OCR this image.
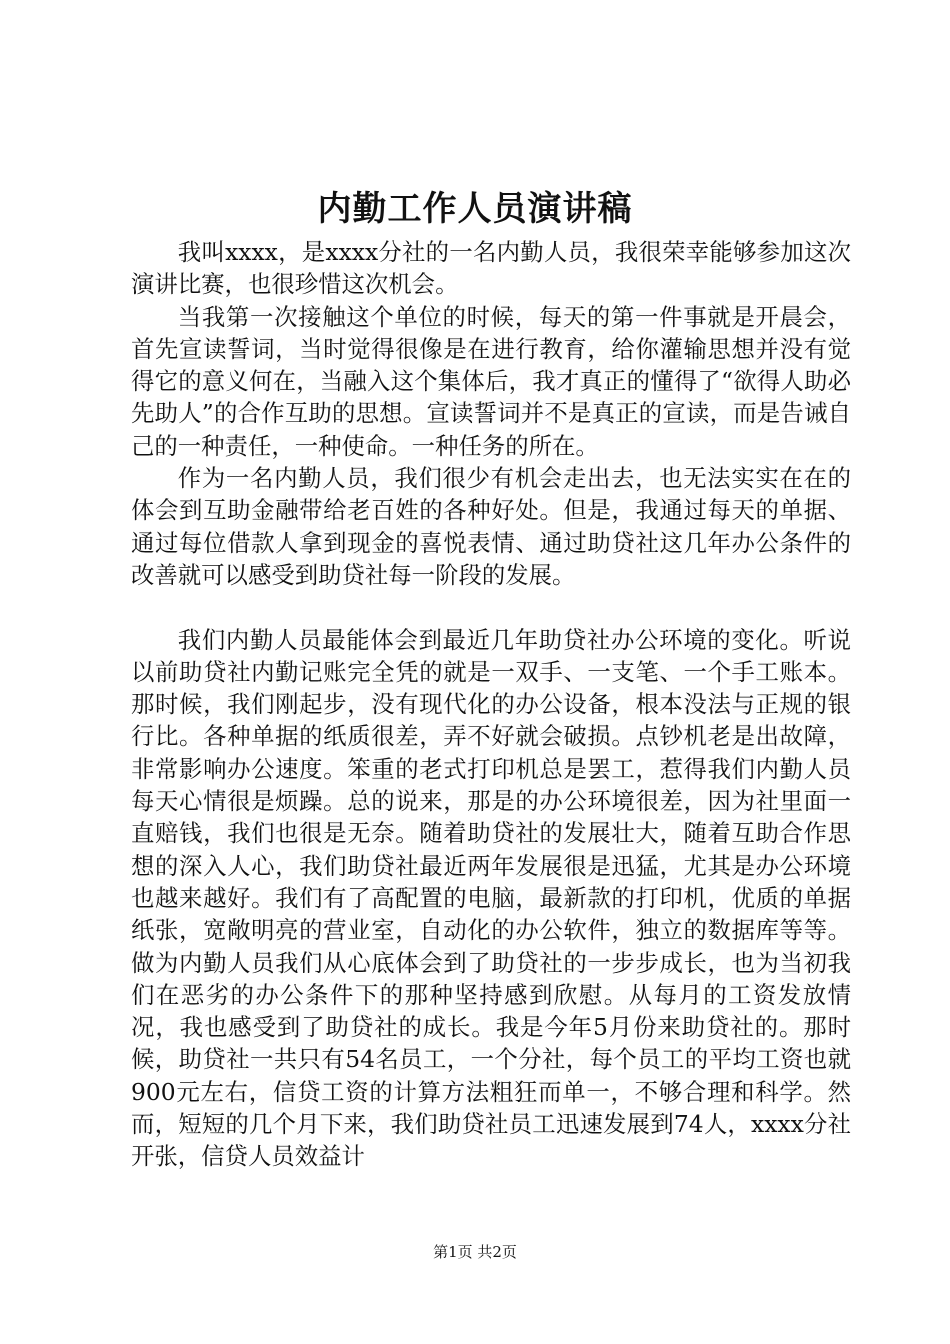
内勤工作人员演讲稿

我叫xxxx，是xxxx分社的一名内勤人员，我很荣幸能够参加这次演讲比赛，也很珍惜这次机会。

当我第一次接触这个单位的时候，每天的第一件事就是开晨会，首先宣读誓词，当时觉得很像是在进行教育，给你灌输思想并没有觉得它的意义何在，当融入这个集体后，我才真正的懂得了“欲得人助必先助人”的合作互助的思想。宣读誓词并不是真正的宣读，而是告诫自己的一种责任，一种使命。一种任务的所在。

作为一名内勤人员，我们很少有机会走出去，也无法实实在在的体会到互助金融带给老百姓的各种好处。但是，我通过每天的单据、通过每位借款人拿到现金的喜悦表情、通过助贷社这几年办公条件的改善就可以感受到助贷社每一阶段的发展。

我们内勤人员最能体会到最近几年助贷社办公环境的变化。听说以前助贷社内勤记账完全凭的就是一双手、一支笔、一个手工账本。那时候，我们刚起步，没有现代化的办公设备，根本没法与正规的银行比。各种单据的纸质很差，弄不好就会破损。点钞机老是出故障，非常影响办公速度。笨重的老式打印机总是罢工，惹得我们内勤人员每天心情很是烦躁。总的说来，那是的办公环境很差，因为社里面一直赔钱，我们也很是无奈。随着助贷社的发展壮大，随着互助合作思想的深入人心，我们助贷社最近两年发展很是迅猛，尤其是办公环境也越来越好。我们有了高配置的电脑，最新款的打印机，优质的单据纸张，宽敞明亮的营业室，自动化的办公软件，独立的数据库等等。做为内勤人员我们从心底体会到了助贷社的一步步成长，也为当初我们在恶劣的办公条件下的那种坚持感到欣慰。从每月的工资发放情况，我也感受到了助贷社的成长。我是今年5月份来助贷社的。那时候，助贷社一共只有54名员工，一个分社，每个员工的平均工资也就900元左右，信贷工资的计算方法粗狂而单一，不够合理和科学。然而，短短的几个月下来，我们助贷社员工迅速发展到74人，xxxx分社开张，信贷人员效益计

第1页 共2页
